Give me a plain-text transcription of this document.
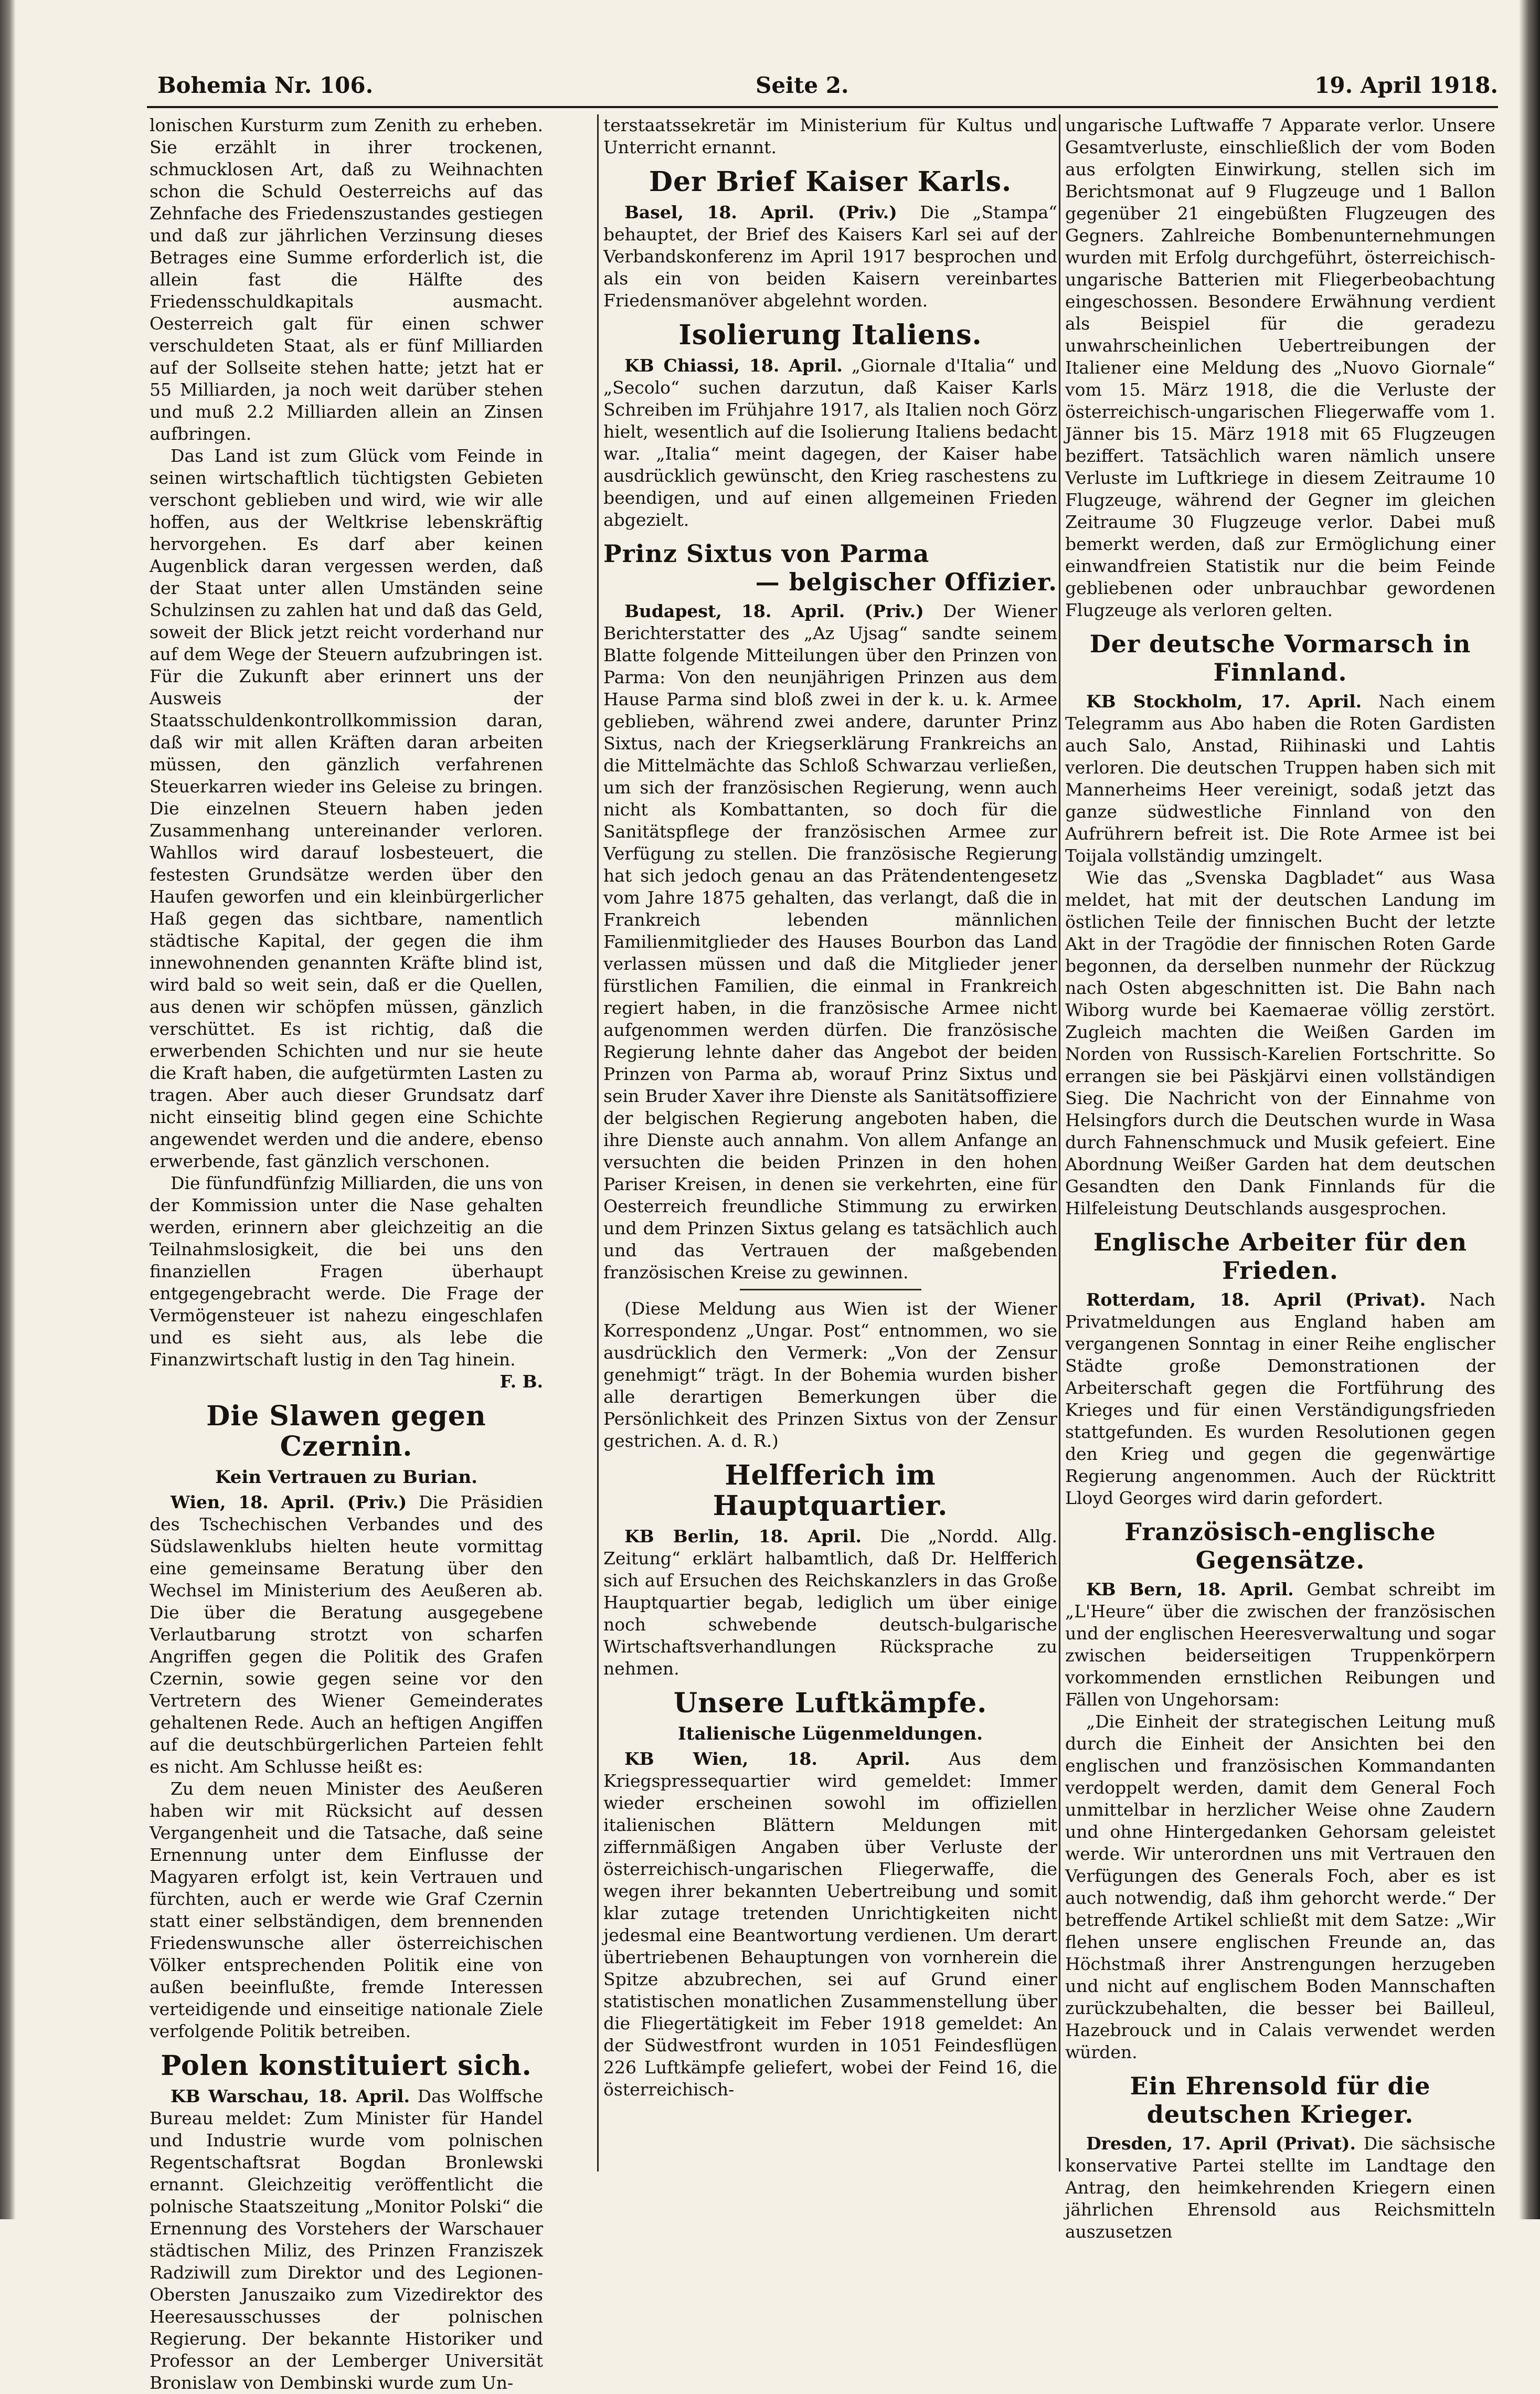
Bohemia Nr. 106.	Seite 2.	19. April 1918.

lonischen Kursturm zum Zenith zu erheben. Sie erzählt in ihrer trockenen, schmucklosen Art, daß zu Weihnachten schon die Schuld Oesterreichs auf das Zehnfache des Friedenszustandes gestiegen und daß zur jährlichen Verzinsung dieses Betrages eine Summe erforderlich ist, die allein fast die Hälfte des Friedensschuldkapitals ausmacht. Oesterreich galt für einen schwer verschuldeten Staat, als er fünf Milliarden auf der Sollseite stehen hatte; jetzt hat er 55 Milliarden, ja noch weit darüber stehen und muß 2.2 Milliarden allein an Zinsen aufbringen.

Das Land ist zum Glück vom Feinde in seinen wirtschaftlich tüchtigsten Gebieten verschont geblieben und wird, wie wir alle hoffen, aus der Weltkrise lebenskräftig hervorgehen. Es darf aber keinen Augenblick daran vergessen werden, daß der Staat unter allen Umständen seine Schulzinsen zu zahlen hat und daß das Geld, soweit der Blick jetzt reicht vorderhand nur auf dem Wege der Steuern aufzubringen ist. Für die Zukunft aber erinnert uns der Ausweis der Staatsschuldenkontrollkommission daran, daß wir mit allen Kräften daran arbeiten müssen, den gänzlich verfahrenen Steuerkarren wieder ins Geleise zu bringen. Die einzelnen Steuern haben jeden Zusammenhang untereinander verloren. Wahllos wird darauf losbesteuert, die festesten Grundsätze werden über den Haufen geworfen und ein kleinbürgerlicher Haß gegen das sichtbare, namentlich städtische Kapital, der gegen die ihm innewohnenden genannten Kräfte blind ist, wird bald so weit sein, daß er die Quellen, aus denen wir schöpfen müssen, gänzlich verschüttet. Es ist richtig, daß die erwerbenden Schichten und nur sie heute die Kraft haben, die aufgetürmten Lasten zu tragen. Aber auch dieser Grundsatz darf nicht einseitig blind gegen eine Schichte angewendet werden und die andere, ebenso erwerbende, fast gänzlich verschonen.

Die fünfundfünfzig Milliarden, die uns von der Kommission unter die Nase gehalten werden, erinnern aber gleichzeitig an die Teilnahmslosigkeit, die bei uns den finanziellen Fragen überhaupt entgegengebracht werde. Die Frage der Vermögensteuer ist nahezu eingeschlafen und es sieht aus, als lebe die Finanzwirtschaft lustig in den Tag hinein.

F. B.
Die Slawen gegen Czernin.
Kein Vertrauen zu Burian.

Wien, 18. April. (Priv.) Die Präsidien des Tschechischen Verbandes und des Südslawenklubs hielten heute vormittag eine gemeinsame Beratung über den Wechsel im Ministerium des Aeußeren ab. Die über die Beratung ausgegebene Verlautbarung strotzt von scharfen Angriffen gegen die Politik des Grafen Czernin, sowie gegen seine vor den Vertretern des Wiener Gemeinderates gehaltenen Rede. Auch an heftigen Angiffen auf die deutschbürgerlichen Parteien fehlt es nicht. Am Schlusse heißt es:

Zu dem neuen Minister des Aeußeren haben wir mit Rücksicht auf dessen Vergangenheit und die Tatsache, daß seine Ernennung unter dem Einflusse der Magyaren erfolgt ist, kein Vertrauen und fürchten, auch er werde wie Graf Czernin statt einer selbständigen, dem brennenden Friedenswunsche aller österreichischen Völker entsprechenden Politik eine von außen beeinflußte, fremde Interessen verteidigende und einseitige nationale Ziele verfolgende Politik betreiben.

Polen konstituiert sich.

KB Warschau, 18. April. Das Wolffsche Bureau meldet: Zum Minister für Handel und Industrie wurde vom polnischen Regentschaftsrat Bogdan Bronlewski ernannt. Gleichzeitig veröffentlicht die polnische Staatszeitung „Monitor Polski“ die Ernennung des Vorstehers der Warschauer städtischen Miliz, des Prinzen Franziszek Radziwill zum Direktor und des Legionen-Obersten Januszaiko zum Vizedirektor des Heeresausschusses der polnischen Regierung. Der bekannte Historiker und Professor an der Lemberger Universität Bronislaw von Dembinski wurde zum Un-

terstaatssekretär im Ministerium für Kultus und Unterricht ernannt.

Der Brief Kaiser Karls.

Basel, 18. April. (Priv.) Die „Stampa“ behauptet, der Brief des Kaisers Karl sei auf der Verbandskonferenz im April 1917 besprochen und als ein von beiden Kaisern vereinbartes Friedensmanöver abgelehnt worden.

Isolierung Italiens.

KB Chiassi, 18. April. „Giornale d'Italia“ und „Secolo“ suchen darzutun, daß Kaiser Karls Schreiben im Frühjahre 1917, als Italien noch Görz hielt, wesentlich auf die Isolierung Italiens bedacht war. „Italia“ meint dagegen, der Kaiser habe ausdrücklich gewünscht, den Krieg raschestens zu beendigen, und auf einen allgemeinen Frieden abgezielt.

Prinz Sixtus von Parma
— belgischer Offizier.

Budapest, 18. April. (Priv.) Der Wiener Berichterstatter des „Az Ujsag“ sandte seinem Blatte folgende Mitteilungen über den Prinzen von Parma: Von den neunjährigen Prinzen aus dem Hause Parma sind bloß zwei in der k. u. k. Armee geblieben, während zwei andere, darunter Prinz Sixtus, nach der Kriegserklärung Frankreichs an die Mittelmächte das Schloß Schwarzau verließen, um sich der französischen Regierung, wenn auch nicht als Kombattanten, so doch für die Sanitätspflege der französischen Armee zur Verfügung zu stellen. Die französische Regierung hat sich jedoch genau an das Prätendentengesetz vom Jahre 1875 gehalten, das verlangt, daß die in Frankreich lebenden männlichen Familienmitglieder des Hauses Bourbon das Land verlassen müssen und daß die Mitglieder jener fürstlichen Familien, die einmal in Frankreich regiert haben, in die französische Armee nicht aufgenommen werden dürfen. Die französische Regierung lehnte daher das Angebot der beiden Prinzen von Parma ab, worauf Prinz Sixtus und sein Bruder Xaver ihre Dienste als Sanitätsoffiziere der belgischen Regierung angeboten haben, die ihre Dienste auch annahm. Von allem Anfange an versuchten die beiden Prinzen in den hohen Pariser Kreisen, in denen sie verkehrten, eine für Oesterreich freundliche Stimmung zu erwirken und dem Prinzen Sixtus gelang es tatsächlich auch und das Vertrauen der maßgebenden französischen Kreise zu gewinnen.

(Diese Meldung aus Wien ist der Wiener Korrespondenz „Ungar. Post“ entnommen, wo sie ausdrücklich den Vermerk: „Von der Zensur genehmigt“ trägt. In der Bohemia wurden bisher alle derartigen Bemerkungen über die Persönlichkeit des Prinzen Sixtus von der Zensur gestrichen. A. d. R.)

Helfferich im Hauptquartier.

KB Berlin, 18. April. Die „Nordd. Allg. Zeitung“ erklärt halbamtlich, daß Dr. Helfferich sich auf Ersuchen des Reichskanzlers in das Große Hauptquartier begab, lediglich um über einige noch schwebende deutsch-bulgarische Wirtschaftsverhandlungen Rücksprache zu nehmen.

Unsere Luftkämpfe.
Italienische Lügenmeldungen.

KB Wien, 18. April. Aus dem Kriegspressequartier wird gemeldet: Immer wieder erscheinen sowohl im offiziellen italienischen Blättern Meldungen mit ziffernmäßigen Angaben über Verluste der österreichisch-ungarischen Fliegerwaffe, die wegen ihrer bekannten Uebertreibung und somit klar zutage tretenden Unrichtigkeiten nicht jedesmal eine Beantwortung verdienen. Um derart übertriebenen Behauptungen von vornherein die Spitze abzubrechen, sei auf Grund einer statistischen monatlichen Zusammenstellung über die Fliegertätigkeit im Feber 1918 gemeldet: An der Südwestfront wurden in 1051 Feindesflügen 226 Luftkämpfe geliefert, wobei der Feind 16, die österreichisch-

ungarische Luftwaffe 7 Apparate verlor. Unsere Gesamtverluste, einschließlich der vom Boden aus erfolgten Einwirkung, stellen sich im Berichtsmonat auf 9 Flugzeuge und 1 Ballon gegenüber 21 eingebüßten Flugzeugen des Gegners. Zahlreiche Bombenunternehmungen wurden mit Erfolg durchgeführt, österreichisch-ungarische Batterien mit Fliegerbeobachtung eingeschossen. Besondere Erwähnung verdient als Beispiel für die geradezu unwahrscheinlichen Uebertreibungen der Italiener eine Meldung des „Nuovo Giornale“ vom 15. März 1918, die die Verluste der österreichisch-ungarischen Fliegerwaffe vom 1. Jänner bis 15. März 1918 mit 65 Flugzeugen beziffert. Tatsächlich waren nämlich unsere Verluste im Luftkriege in diesem Zeitraume 10 Flugzeuge, während der Gegner im gleichen Zeitraume 30 Flugzeuge verlor. Dabei muß bemerkt werden, daß zur Ermöglichung einer einwandfreien Statistik nur die beim Feinde gebliebenen oder unbrauchbar gewordenen Flugzeuge als verloren gelten.

Der deutsche Vormarsch in Finnland.

KB Stockholm, 17. April. Nach einem Telegramm aus Abo haben die Roten Gardisten auch Salo, Anstad, Riihinaski und Lahtis verloren. Die deutschen Truppen haben sich mit Mannerheims Heer vereinigt, sodaß jetzt das ganze südwestliche Finnland von den Aufrührern befreit ist. Die Rote Armee ist bei Toijala vollständig umzingelt.

Wie das „Svenska Dagbladet“ aus Wasa meldet, hat mit der deutschen Landung im östlichen Teile der finnischen Bucht der letzte Akt in der Tragödie der finnischen Roten Garde begonnen, da derselben nunmehr der Rückzug nach Osten abgeschnitten ist. Die Bahn nach Wiborg wurde bei Kaemaerae völlig zerstört. Zugleich machten die Weißen Garden im Norden von Russisch-Karelien Fortschritte. So errangen sie bei Päskjärvi einen vollständigen Sieg. Die Nachricht von der Einnahme von Helsingfors durch die Deutschen wurde in Wasa durch Fahnenschmuck und Musik gefeiert. Eine Abordnung Weißer Garden hat dem deutschen Gesandten den Dank Finnlands für die Hilfeleistung Deutschlands ausgesprochen.

Englische Arbeiter für den Frieden.

Rotterdam, 18. April (Privat). Nach Privatmeldungen aus England haben am vergangenen Sonntag in einer Reihe englischer Städte große Demonstrationen der Arbeiterschaft gegen die Fortführung des Krieges und für einen Verständigungsfrieden stattgefunden. Es wurden Resolutionen gegen den Krieg und gegen die gegenwärtige Regierung angenommen. Auch der Rücktritt Lloyd Georges wird darin gefordert.

Französisch-englische Gegensätze.

KB Bern, 18. April. Gembat schreibt im „L'Heure“ über die zwischen der französischen und der englischen Heeresverwaltung und sogar zwischen beiderseitigen Truppenkörpern vorkommenden ernstlichen Reibungen und Fällen von Ungehorsam:

„Die Einheit der strategischen Leitung muß durch die Einheit der Ansichten bei den englischen und französischen Kommandanten verdoppelt werden, damit dem General Foch unmittelbar in herzlicher Weise ohne Zaudern und ohne Hintergedanken Gehorsam geleistet werde. Wir unterordnen uns mit Vertrauen den Verfügungen des Generals Foch, aber es ist auch notwendig, daß ihm gehorcht werde.“ Der betreffende Artikel schließt mit dem Satze: „Wir flehen unsere englischen Freunde an, das Höchstmaß ihrer Anstrengungen herzugeben und nicht auf englischem Boden Mannschaften zurückzubehalten, die besser bei Bailleul, Hazebrouck und in Calais verwendet werden würden.

Ein Ehrensold für die deutschen Krieger.

Dresden, 17. April (Privat). Die sächsische konservative Partei stellte im Landtage den Antrag, den heimkehrenden Kriegern einen jährlichen Ehrensold aus Reichsmitteln auszusetzen
